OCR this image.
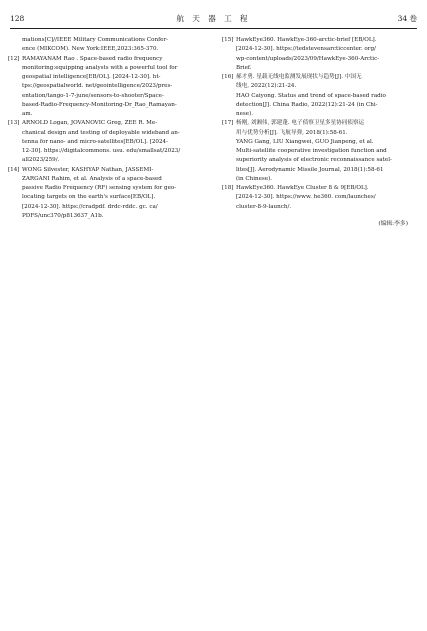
128	航 天 器 工 程	34 卷
mations[C]//IEEE Military Communications Confer-
ence (MIKCOM). New York:IEEE,2023:365-370.
[12] RAMAYANAM Rao . Space-based radio frequency
monitoring:equipping analysts with a powerful tool for
geospatial intelligence[EB/OL]. [2024-12-30]. ht-
tps://geospatialworld. net/geointelligence/2023/pres-
entation/tango-1-7-june/sensors-to-shooter/Space-
based-Radio-Frequency-Monitoring-Dr_Rao_Ramayan-
am.
[13] ARNOLD Logan, JOVANOVIC Greg, ZEE R. Me-
chanical design and testing of deployable wideband an-
tenna for nano- and micro-satellites[EB/OL]. [2024-
12-30]. https://digitalcommons. usu. edu/smallsat/2023/
all2023/259/.
[14] WONG Silvester, KASHYAP Nathan, JASSEMI-
ZARGANI Rahim, et al. Analysis of a space-based
passive Radio Frequency (RF) sensing system for geo-
locating targets on the earth's surface[EB/OL].
[2024-12-30]. https://cradpdf. drdc-rddc. gc. ca/
PDFS/unc370/p813637_A1b.
[15] HawkEye360. HawkEye-360-arctic-brief [EB/OL].
[2024-12-30]. https://tedstevensarcticcenter. org/
wp-content/uploads/2023/09/HawkEye-360-Arctic-
Brief.
[16] 郝才勇. 星载无线电监测发展现状与趋势[J]. 中国无
线电, 2022(12):21-24.
HAO Caiyong. Status and trend of space-based radio
detection[J]. China Radio, 2022(12):21-24 (in Chi-
nese).
[17] 杨刚, 刘湘伟, 郭建蓬. 电子侦察卫星多星协同侦察运
用与优势分析[J]. 飞航导弹, 2018(1):58-61.
YANG Gang, LIU Xiangwei, GUO Jianpeng, et al.
Multi-satellite cooperative investigation function and
superiority analysis of electronic reconnaissance satel-
lites[J]. Aerodynamic Missile Journal, 2018(1):58-61
(in Chinese).
[18] HawkEye360. HawkEye Cluster 8 & 9[EB/OL].
[2024-12-30]. https://www. he360. com/launches/
cluster-8-9-launch/.
(编辑:李多)
